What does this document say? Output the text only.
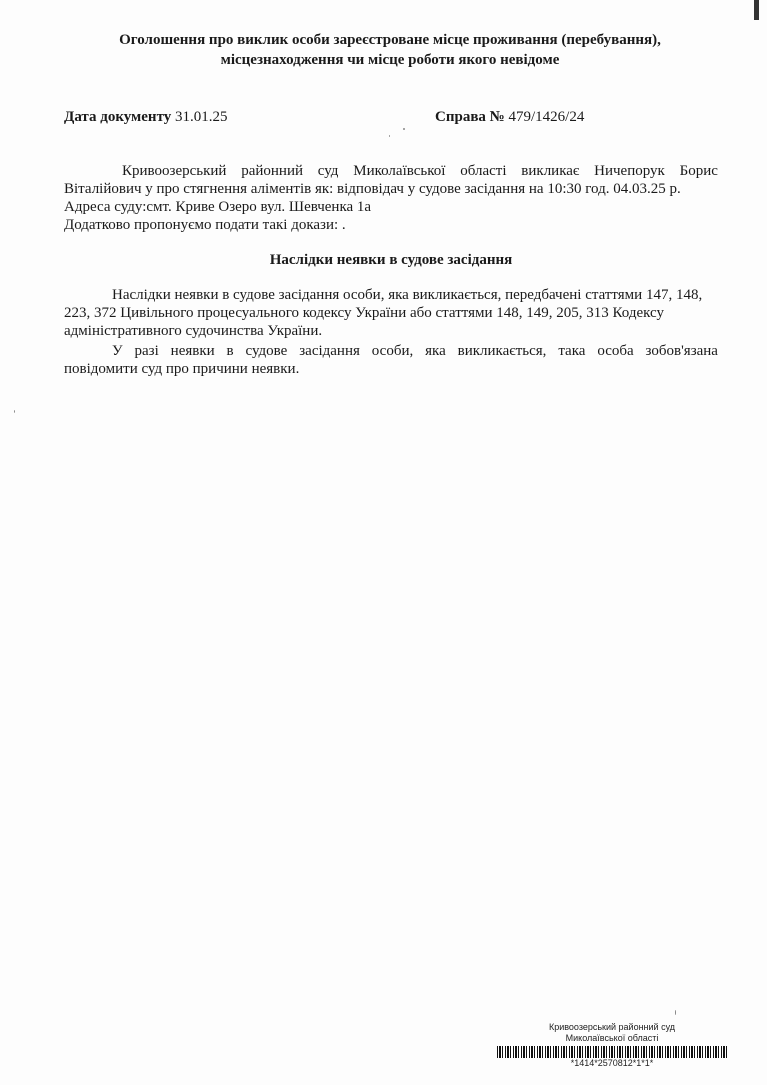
Оголошення про виклик особи зареєстроване місце проживання (перебування),
місцезнаходження чи місце роботи якого невідоме
Дата документу 31.01.25	Справа № 479/1426/24
Кривоозерський районний суд Миколаївської області викликає Ничепорук Борис
Віталійович у про стягнення аліментів як: відповідач у судове засідання на 10:30 год. 04.03.25 р.
Адреса суду:смт. Криве Озеро вул. Шевченка 1а
Додатково пропонуємо подати такі докази: .
Наслідки неявки в судове засідання
Наслідки неявки в судове засідання особи, яка викликається, передбачені статтями 147, 148,
223, 372 Цивільного процесуального кодексу України або статтями 148, 149, 205, 313 Кодексу
адміністративного судочинства України.
У разі неявки в судове засідання особи, яка викликається, така особа зобов'язана
повідомити суд про причини неявки.
Кривоозерський районний суд
Миколаївської області
*1414*2570812*1*1*
